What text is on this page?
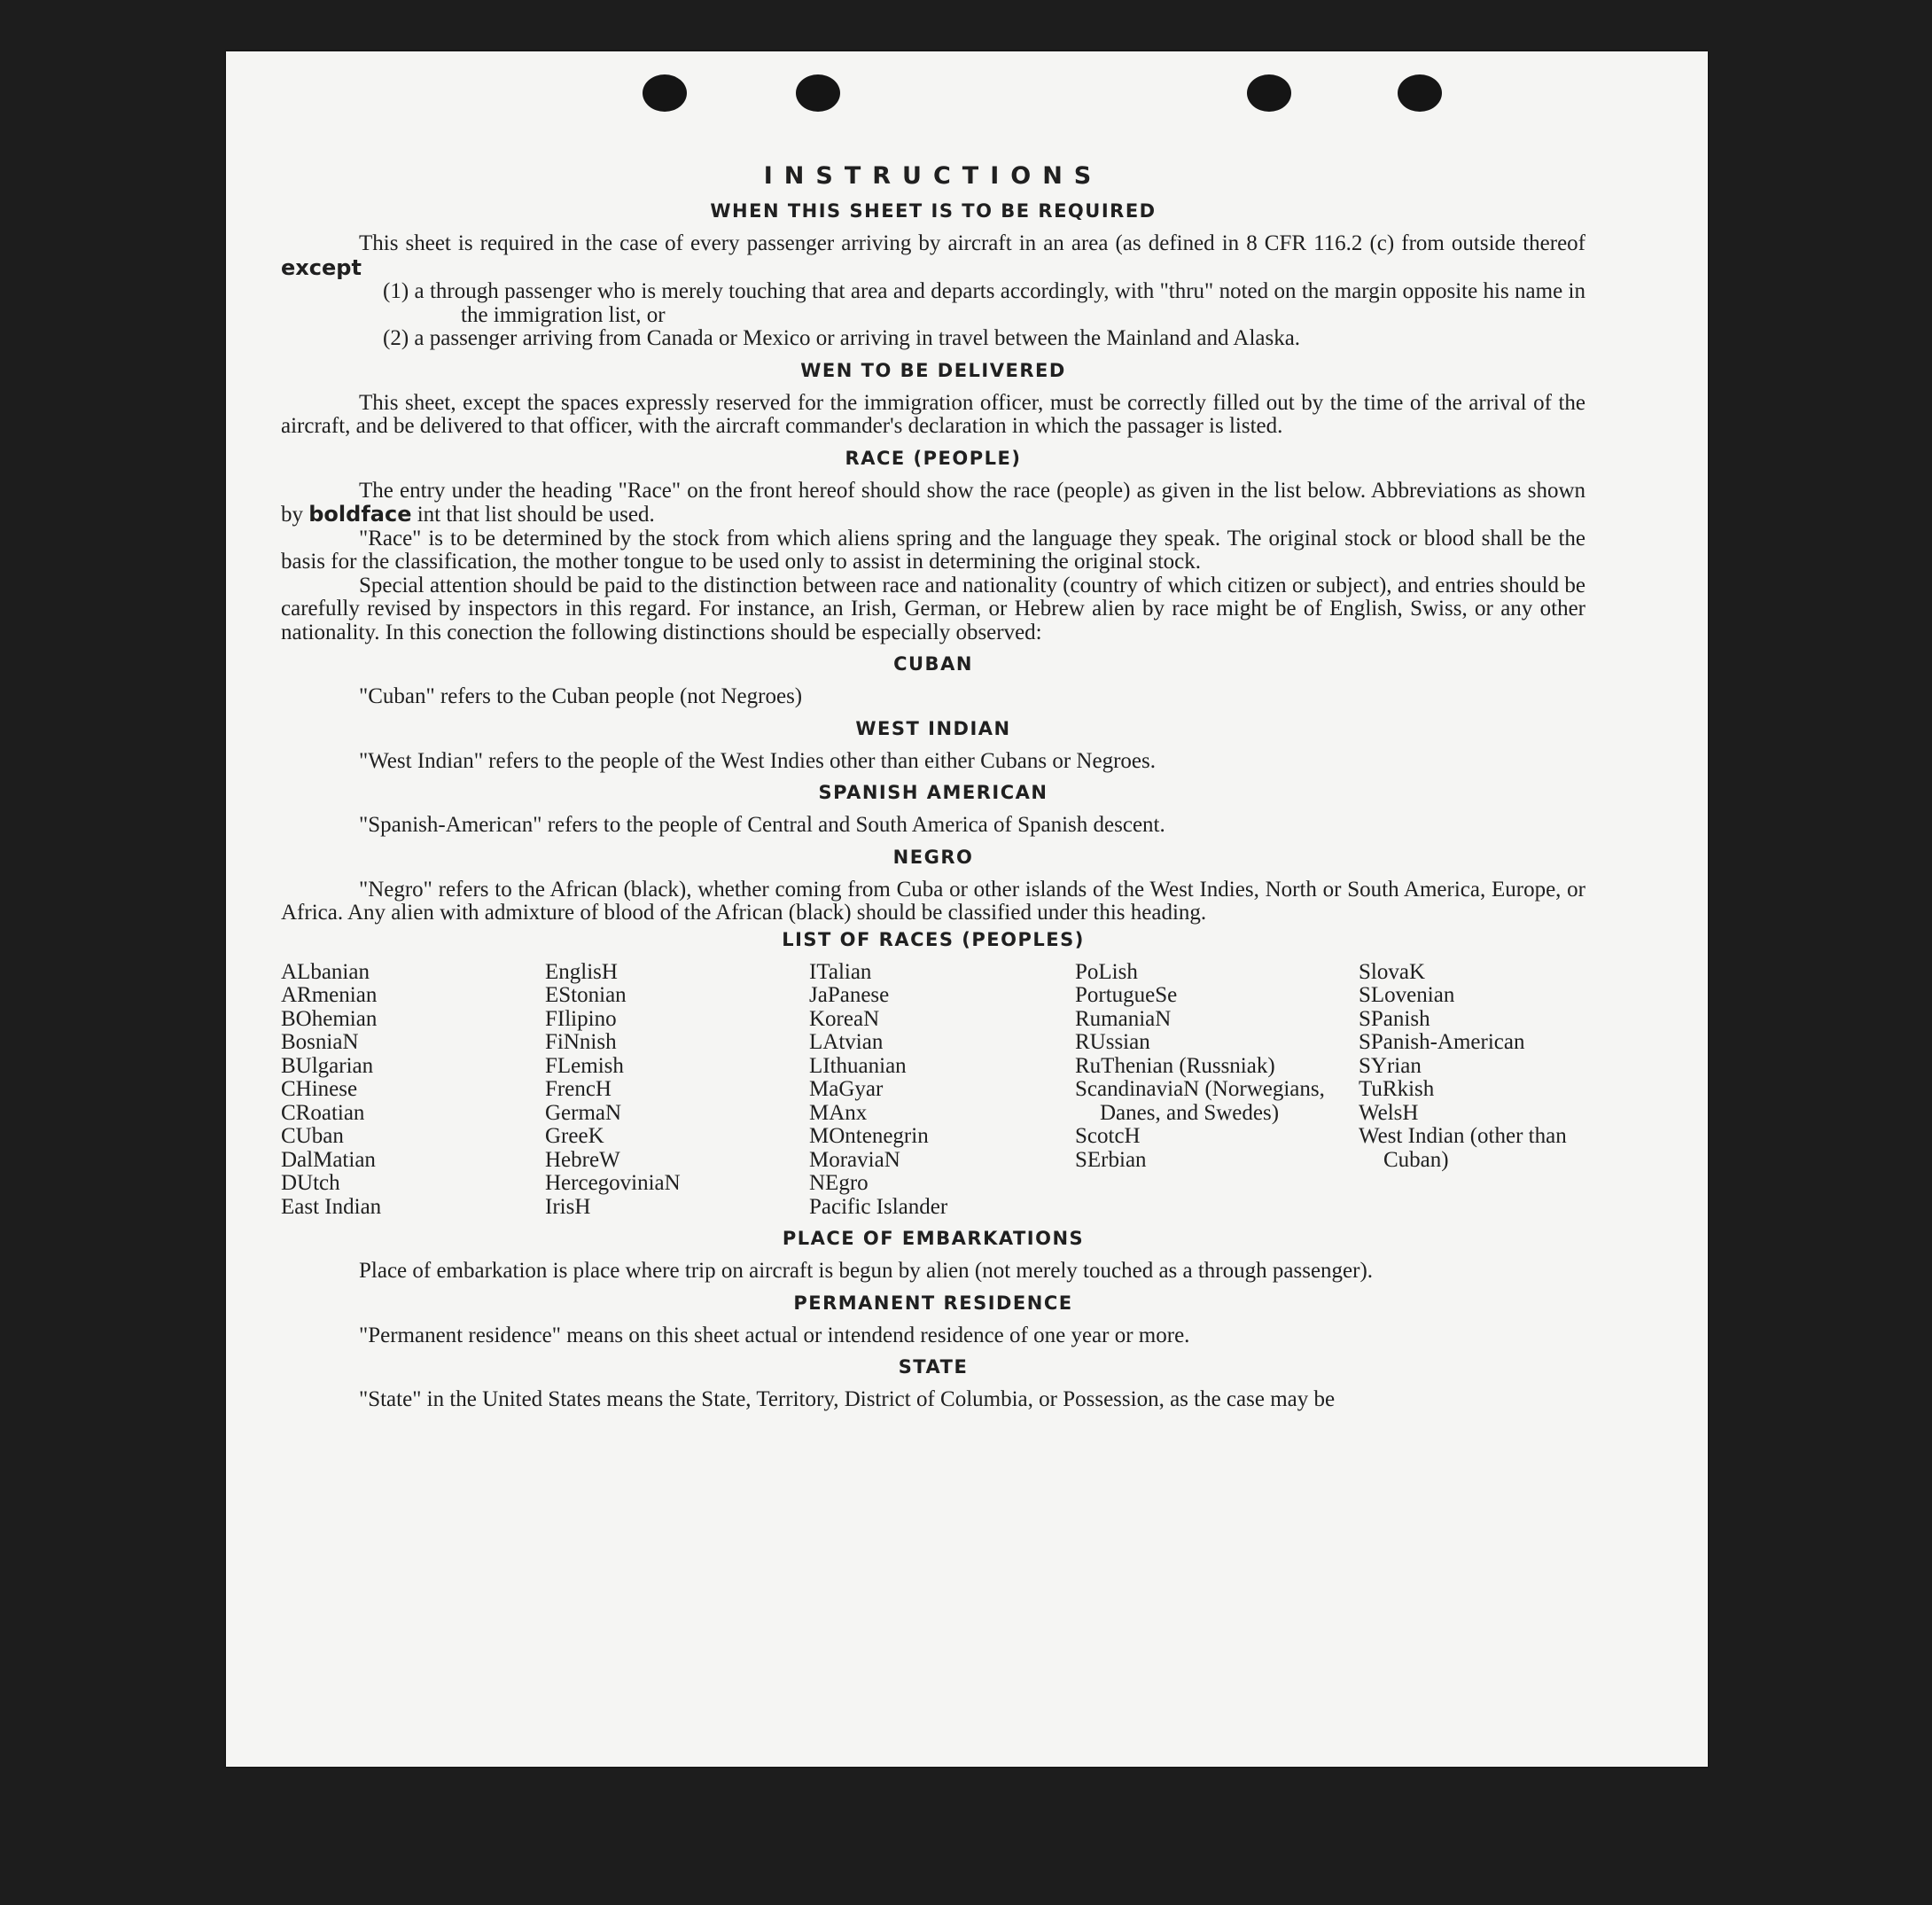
INSTRUCTIONS
WHEN THIS SHEET IS TO BE REQUIRED

This sheet is required in the case of every passenger arriving by aircraft in an area (as defined in 8 CFR 116.2 (c) from outside thereof except

(1) a through passenger who is merely touching that area and departs accordingly, with "thru" noted on the margin opposite his name in the immigration list, or

(2) a passenger arriving from Canada or Mexico or arriving in travel between the Mainland and Alaska.

WEN TO BE DELIVERED

This sheet, except the spaces expressly reserved for the immigration officer, must be correctly filled out by the time of the arrival of the aircraft, and be delivered to that officer, with the aircraft commander's declaration in which the passager is listed.

RACE (PEOPLE)

The entry under the heading "Race" on the front hereof should show the race (people) as given in the list below. Abbreviations as shown by boldface int that list should be used.

"Race" is to be determined by the stock from which aliens spring and the language they speak. The original stock or blood shall be the basis for the classification, the mother tongue to be used only to assist in determining the original stock.

Special attention should be paid to the distinction between race and nationality (country of which citizen or subject), and entries should be carefully revised by inspectors in this regard. For instance, an Irish, German, or Hebrew alien by race might be of English, Swiss, or any other nationality. In this conection the following distinctions should be especially observed:

CUBAN

"Cuban" refers to the Cuban people (not Negroes)

WEST INDIAN

"West Indian" refers to the people of the West Indies other than either Cubans or Negroes.

SPANISH AMERICAN

"Spanish-American" refers to the people of Central and South America of Spanish descent.

NEGRO

"Negro" refers to the African (black), whether coming from Cuba or other islands of the West Indies, North or South America, Europe, or Africa. Any alien with admixture of blood of the African (black) should be classified under this heading.

LIST OF RACES (PEOPLES)
ALbanian
ARmenian
BOhemian
BosniaN
BUlgarian
CHinese
CRoatian
CUban
DalMatian
DUtch
East Indian
EnglisH
EStonian
FIlipino
FiNnish
FLemish
FrencH
GermaN
GreeK
HebreW
HercegoviniaN
IrisH
ITalian
JaPanese
KoreaN
LAtvian
LIthuanian
MaGyar
MAnx
MOntenegrin
MoraviaN
NEgro
Pacific Islander
PoLish
PortugueSe
RumaniaN
RUssian
RuThenian (Russniak)
ScandinaviaN (Norwegians, Danes, and Swedes)
ScotcH
SErbian
SlovaK
SLovenian
SPanish
SPanish-American
SYrian
TuRkish
WelsH
West Indian (other than Cuban)
PLACE OF EMBARKATIONS

Place of embarkation is place where trip on aircraft is begun by alien (not merely touched as a through passenger).

PERMANENT RESIDENCE

"Permanent residence" means on this sheet actual or intendend residence of one year or more.

STATE

"State" in the United States means the State, Territory, District of Columbia, or Possession, as the case may be
